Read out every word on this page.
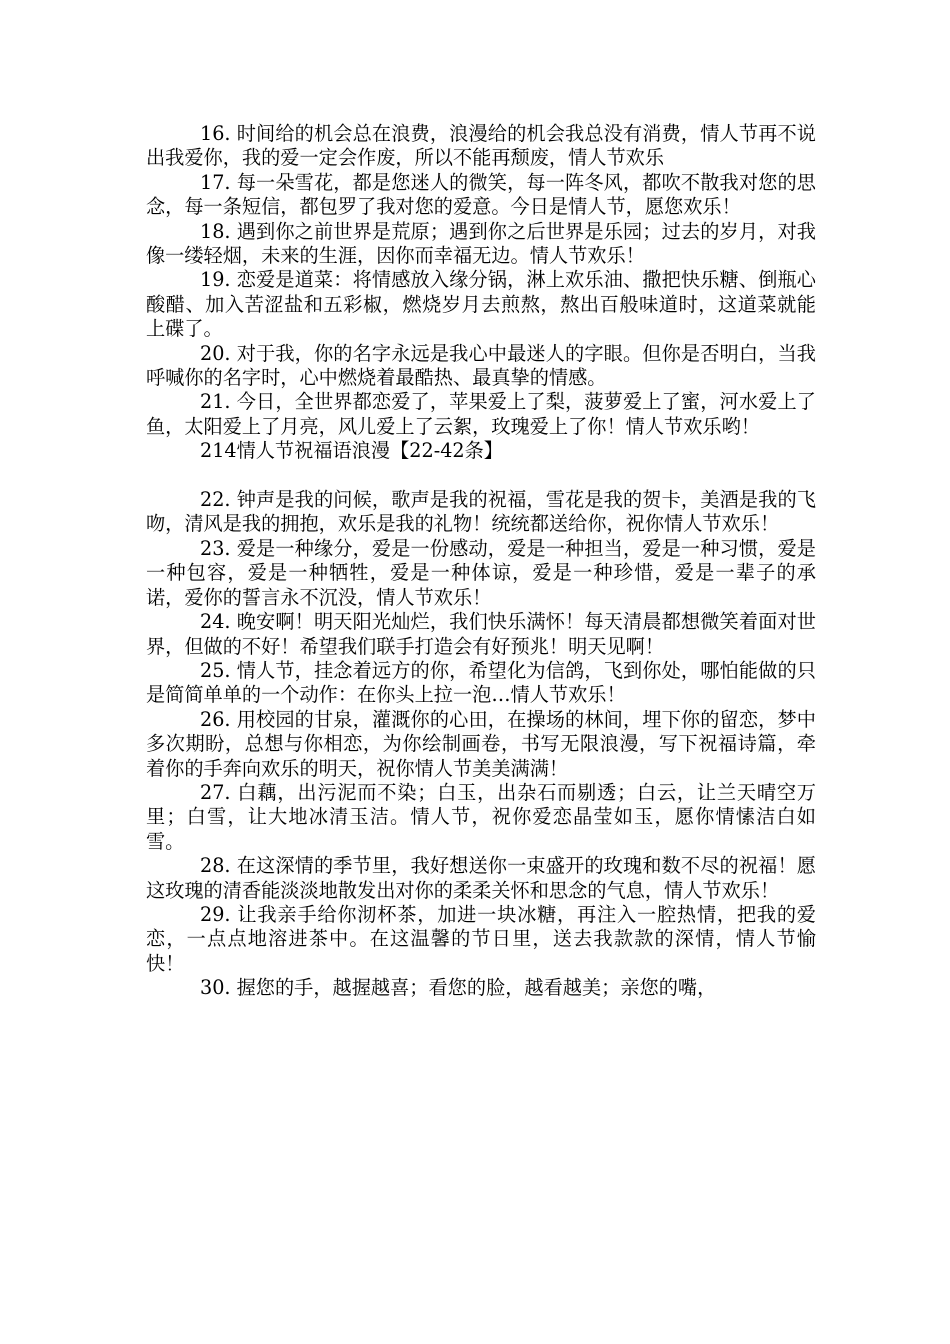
16. 时间给的机会总在浪费，浪漫给的机会我总没有消费，情人节再不说出我爱你，我的爱一定会作废，所以不能再颓废，情人节欢乐

17. 每一朵雪花，都是您迷人的微笑，每一阵冬风，都吹不散我对您的思念，每一条短信，都包罗了我对您的爱意。今日是情人节，愿您欢乐！

18. 遇到你之前世界是荒原；遇到你之后世界是乐园；过去的岁月，对我像一缕轻烟，未来的生涯，因你而幸福无边。情人节欢乐！

19. 恋爱是道菜：将情感放入缘分锅，淋上欢乐油、撒把快乐糖、倒瓶心酸醋、加入苦涩盐和五彩椒，燃烧岁月去煎熬，熬出百般味道时，这道菜就能上碟了。

20. 对于我，你的名字永远是我心中最迷人的字眼。但你是否明白，当我呼喊你的名字时，心中燃烧着最酷热、最真挚的情感。

21. 今日，全世界都恋爱了，苹果爱上了梨，菠萝爱上了蜜，河水爱上了鱼，太阳爱上了月亮，风儿爱上了云絮，玫瑰爱上了你！情人节欢乐哟！

214情人节祝福语浪漫【22-42条】

22. 钟声是我的问候，歌声是我的祝福，雪花是我的贺卡，美酒是我的飞吻，清风是我的拥抱，欢乐是我的礼物！统统都送给你，祝你情人节欢乐！

23. 爱是一种缘分，爱是一份感动，爱是一种担当，爱是一种习惯，爱是一种包容，爱是一种牺牲，爱是一种体谅，爱是一种珍惜，爱是一辈子的承诺，爱你的誓言永不沉没，情人节欢乐！

24. 晚安啊！明天阳光灿烂，我们快乐满怀！每天清晨都想微笑着面对世界，但做的不好！希望我们联手打造会有好预兆！明天见啊！

25. 情人节，挂念着远方的你，希望化为信鸽，飞到你处，哪怕能做的只是简简单单的一个动作：在你头上拉一泡…情人节欢乐！

26. 用校园的甘泉，灌溉你的心田，在操场的林间，埋下你的留恋，梦中多次期盼，总想与你相恋，为你绘制画卷，书写无限浪漫，写下祝福诗篇，牵着你的手奔向欢乐的明天，祝你情人节美美满满！

27. 白藕，出污泥而不染；白玉，出杂石而剔透；白云，让兰天晴空万里；白雪，让大地冰清玉洁。情人节，祝你爱恋晶莹如玉，愿你情愫洁白如雪。

28. 在这深情的季节里，我好想送你一束盛开的玫瑰和数不尽的祝福！愿这玫瑰的清香能淡淡地散发出对你的柔柔关怀和思念的气息，情人节欢乐！

29. 让我亲手给你沏杯茶，加进一块冰糖，再注入一腔热情，把我的爱恋，一点点地溶进茶中。在这温馨的节日里，送去我款款的深情，情人节愉快！

30. 握您的手，越握越喜；看您的脸，越看越美；亲您的嘴，
